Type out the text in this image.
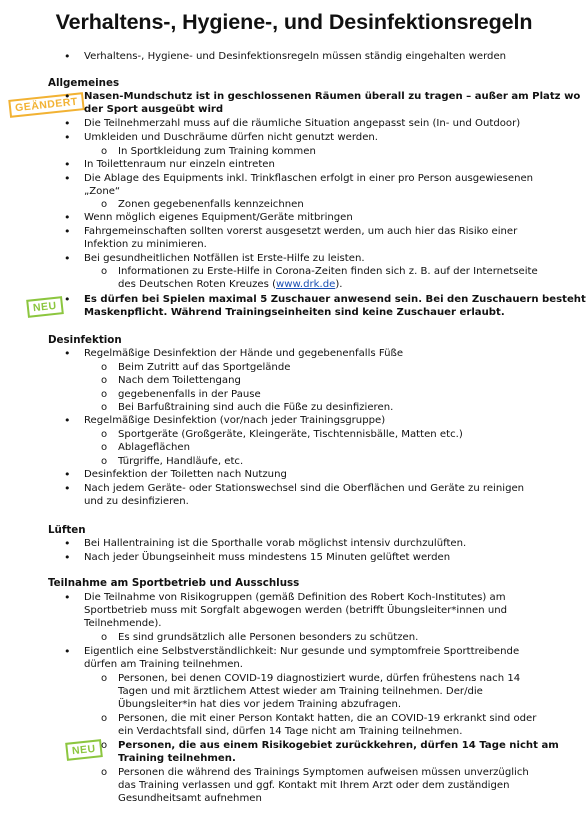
Verhaltens-, Hygiene-, und Desinfektionsregeln
Verhaltens-, Hygiene- und Desinfektionsregeln müssen ständig eingehalten werden
Allgemeines
GEÄNDERT Nasen-Mundschutz ist in geschlossenen Räumen überall zu tragen – außer am Platz wo
der Sport ausgeübt wird
Die Teilnehmerzahl muss auf die räumliche Situation angepasst sein (In- und Outdoor)
Umkleiden und Duschräume dürfen nicht genutzt werden.
In Sportkleidung zum Training kommen
In Toilettenraum nur einzeln eintreten
Die Ablage des Equipments inkl. Trinkflaschen erfolgt in einer pro Person ausgewiesenen
„Zone“
Zonen gegebenenfalls kennzeichnen
Wenn möglich eigenes Equipment/Geräte mitbringen
Fahrgemeinschaften sollten vorerst ausgesetzt werden, um auch hier das Risiko einer
Infektion zu minimieren.
Bei gesundheitlichen Notfällen ist Erste-Hilfe zu leisten.
Informationen zu Erste-Hilfe in Corona-Zeiten finden sich z. B. auf der Internetseite
des Deutschen Roten Kreuzes (www.drk.de).
NEU
Es dürfen bei Spielen maximal 5 Zuschauer anwesend sein. Bei den Zuschauern besteht
Maskenpflicht. Während Trainingseinheiten sind keine Zuschauer erlaubt.
Desinfektion
Regelmäßige Desinfektion der Hände und gegebenenfalls Füße
Beim Zutritt auf das Sportgelände
Nach dem Toilettengang
gegebenenfalls in der Pause
Bei Barfußtraining sind auch die Füße zu desinfizieren.
Regelmäßige Desinfektion (vor/nach jeder Trainingsgruppe)
Sportgeräte (Großgeräte, Kleingeräte, Tischtennisbälle, Matten etc.)
Ablageflächen
Türgriffe, Handläufe, etc.
Desinfektion der Toiletten nach Nutzung
Nach jedem Geräte- oder Stationswechsel sind die Oberflächen und Geräte zu reinigen
und zu desinfizieren.
Lüften
Bei Hallentraining ist die Sporthalle vorab möglichst intensiv durchzulüften.
Nach jeder Übungseinheit muss mindestens 15 Minuten gelüftet werden
Teilnahme am Sportbetrieb und Ausschluss
Die Teilnahme von Risikogruppen (gemäß Definition des Robert Koch-Institutes) am
Sportbetrieb muss mit Sorgfalt abgewogen werden (betrifft Übungsleiter*innen und
Teilnehmende).
Es sind grundsätzlich alle Personen besonders zu schützen.
Eigentlich eine Selbstverständlichkeit: Nur gesunde und symptomfreie Sporttreibende
dürfen am Training teilnehmen.
Personen, bei denen COVID-19 diagnostiziert wurde, dürfen frühestens nach 14
Tagen und mit ärztlichem Attest wieder am Training teilnehmen. Der/die
Übungsleiter*in hat dies vor jedem Training abzufragen.
Personen, die mit einer Person Kontakt hatten, die an COVID-19 erkrankt sind oder
ein Verdachtsfall sind, dürfen 14 Tage nicht am Training teilnehmen.
NEU	Personen, die aus einem Risikogebiet zurückkehren, dürfen 14 Tage nicht am
Training teilnehmen.
Personen die während des Trainings Symptomen aufweisen müssen unverzüglich
das Training verlassen und ggf. Kontakt mit Ihrem Arzt oder dem zuständigen
Gesundheitsamt aufnehmen
